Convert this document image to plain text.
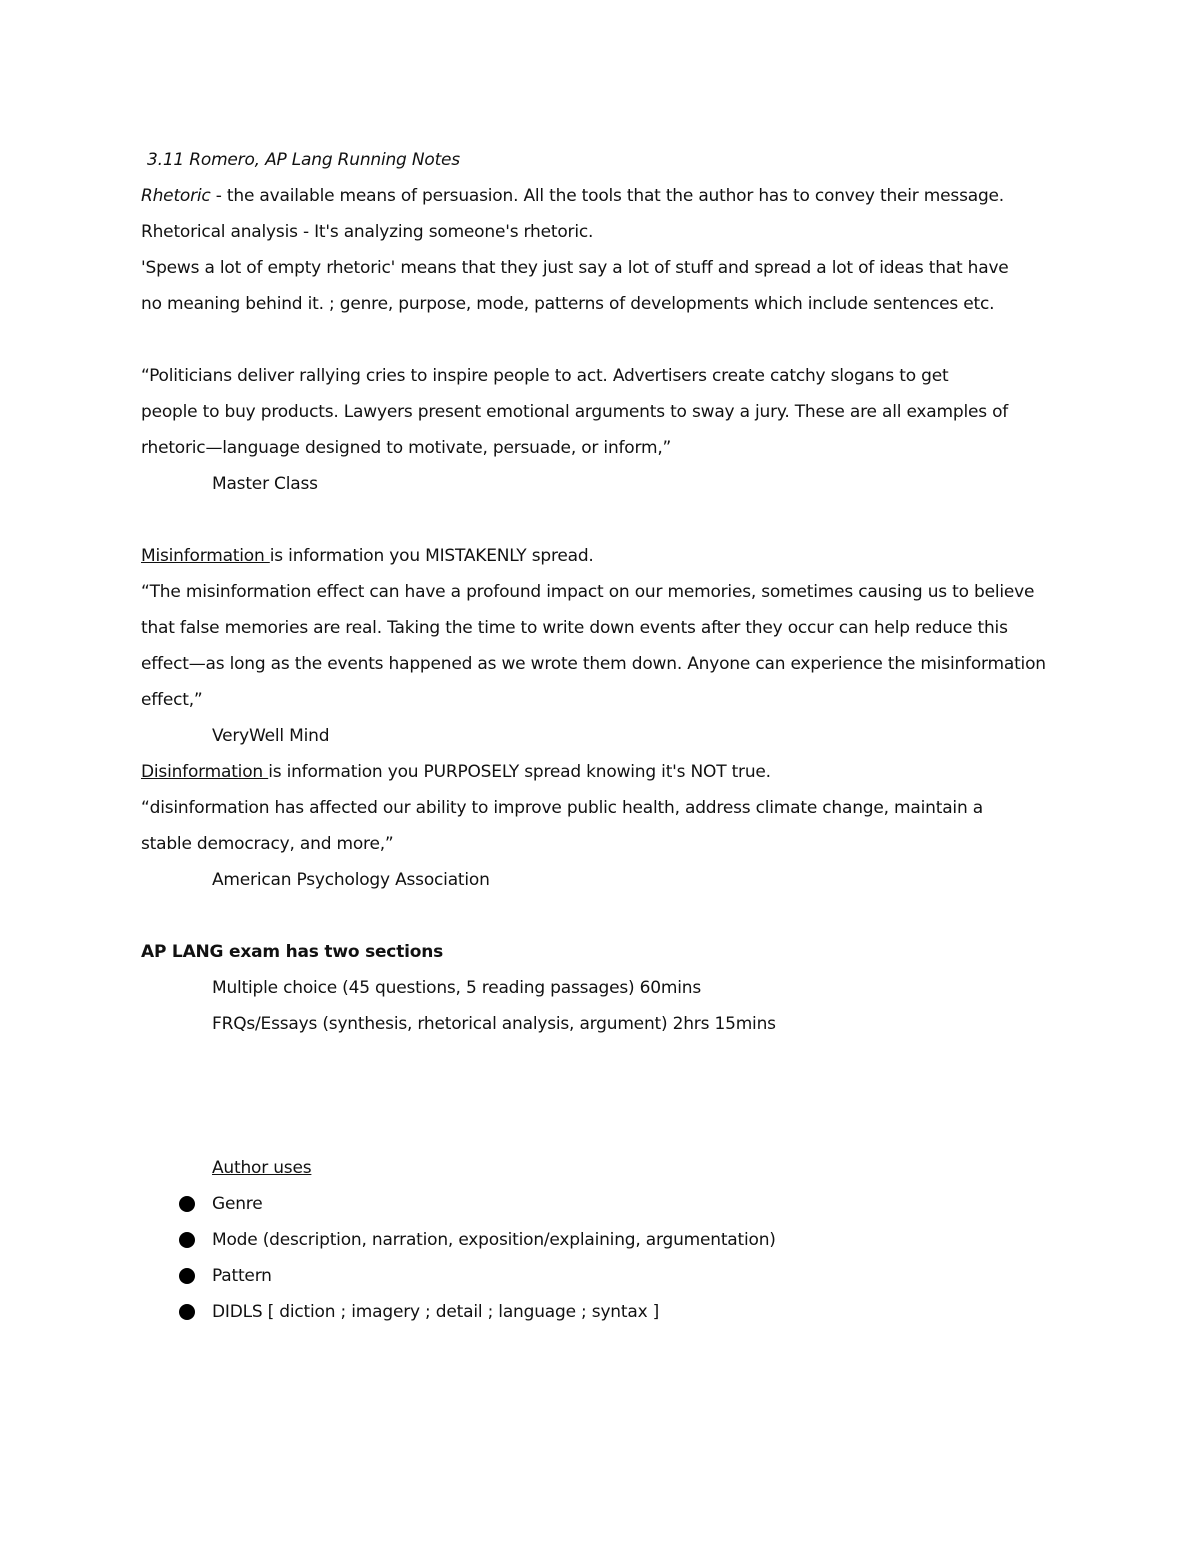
3.11 Romero, AP Lang Running Notes
Rhetoric - the available means of persuasion. All the tools that the author has to convey their message.
Rhetorical analysis - It's analyzing someone's rhetoric.
'Spews a lot of empty rhetoric' means that they just say a lot of stuff and spread a lot of ideas that have
no meaning behind it. ; genre, purpose, mode, patterns of developments which include sentences etc.
“Politicians deliver rallying cries to inspire people to act. Advertisers create catchy slogans to get
people to buy products. Lawyers present emotional arguments to sway a jury. These are all examples of
rhetoric—language designed to motivate, persuade, or inform,”
Master Class
Misinformation is information you MISTAKENLY spread.
“The misinformation effect can have a profound impact on our memories, sometimes causing us to believe
that false memories are real. Taking the time to write down events after they occur can help reduce this
effect—as long as the events happened as we wrote them down. Anyone can experience the misinformation
effect,”
VeryWell Mind
Disinformation is information you PURPOSELY spread knowing it's NOT true.
“disinformation has affected our ability to improve public health, address climate change, maintain a
stable democracy, and more,”
American Psychology Association
AP LANG exam has two sections
Multiple choice (45 questions, 5 reading passages) 60mins
FRQs/Essays (synthesis, rhetorical analysis, argument) 2hrs 15mins
Author uses
Genre
Mode (description, narration, exposition/explaining, argumentation)
Pattern
DIDLS [ diction ; imagery ; detail ; language ; syntax ]
